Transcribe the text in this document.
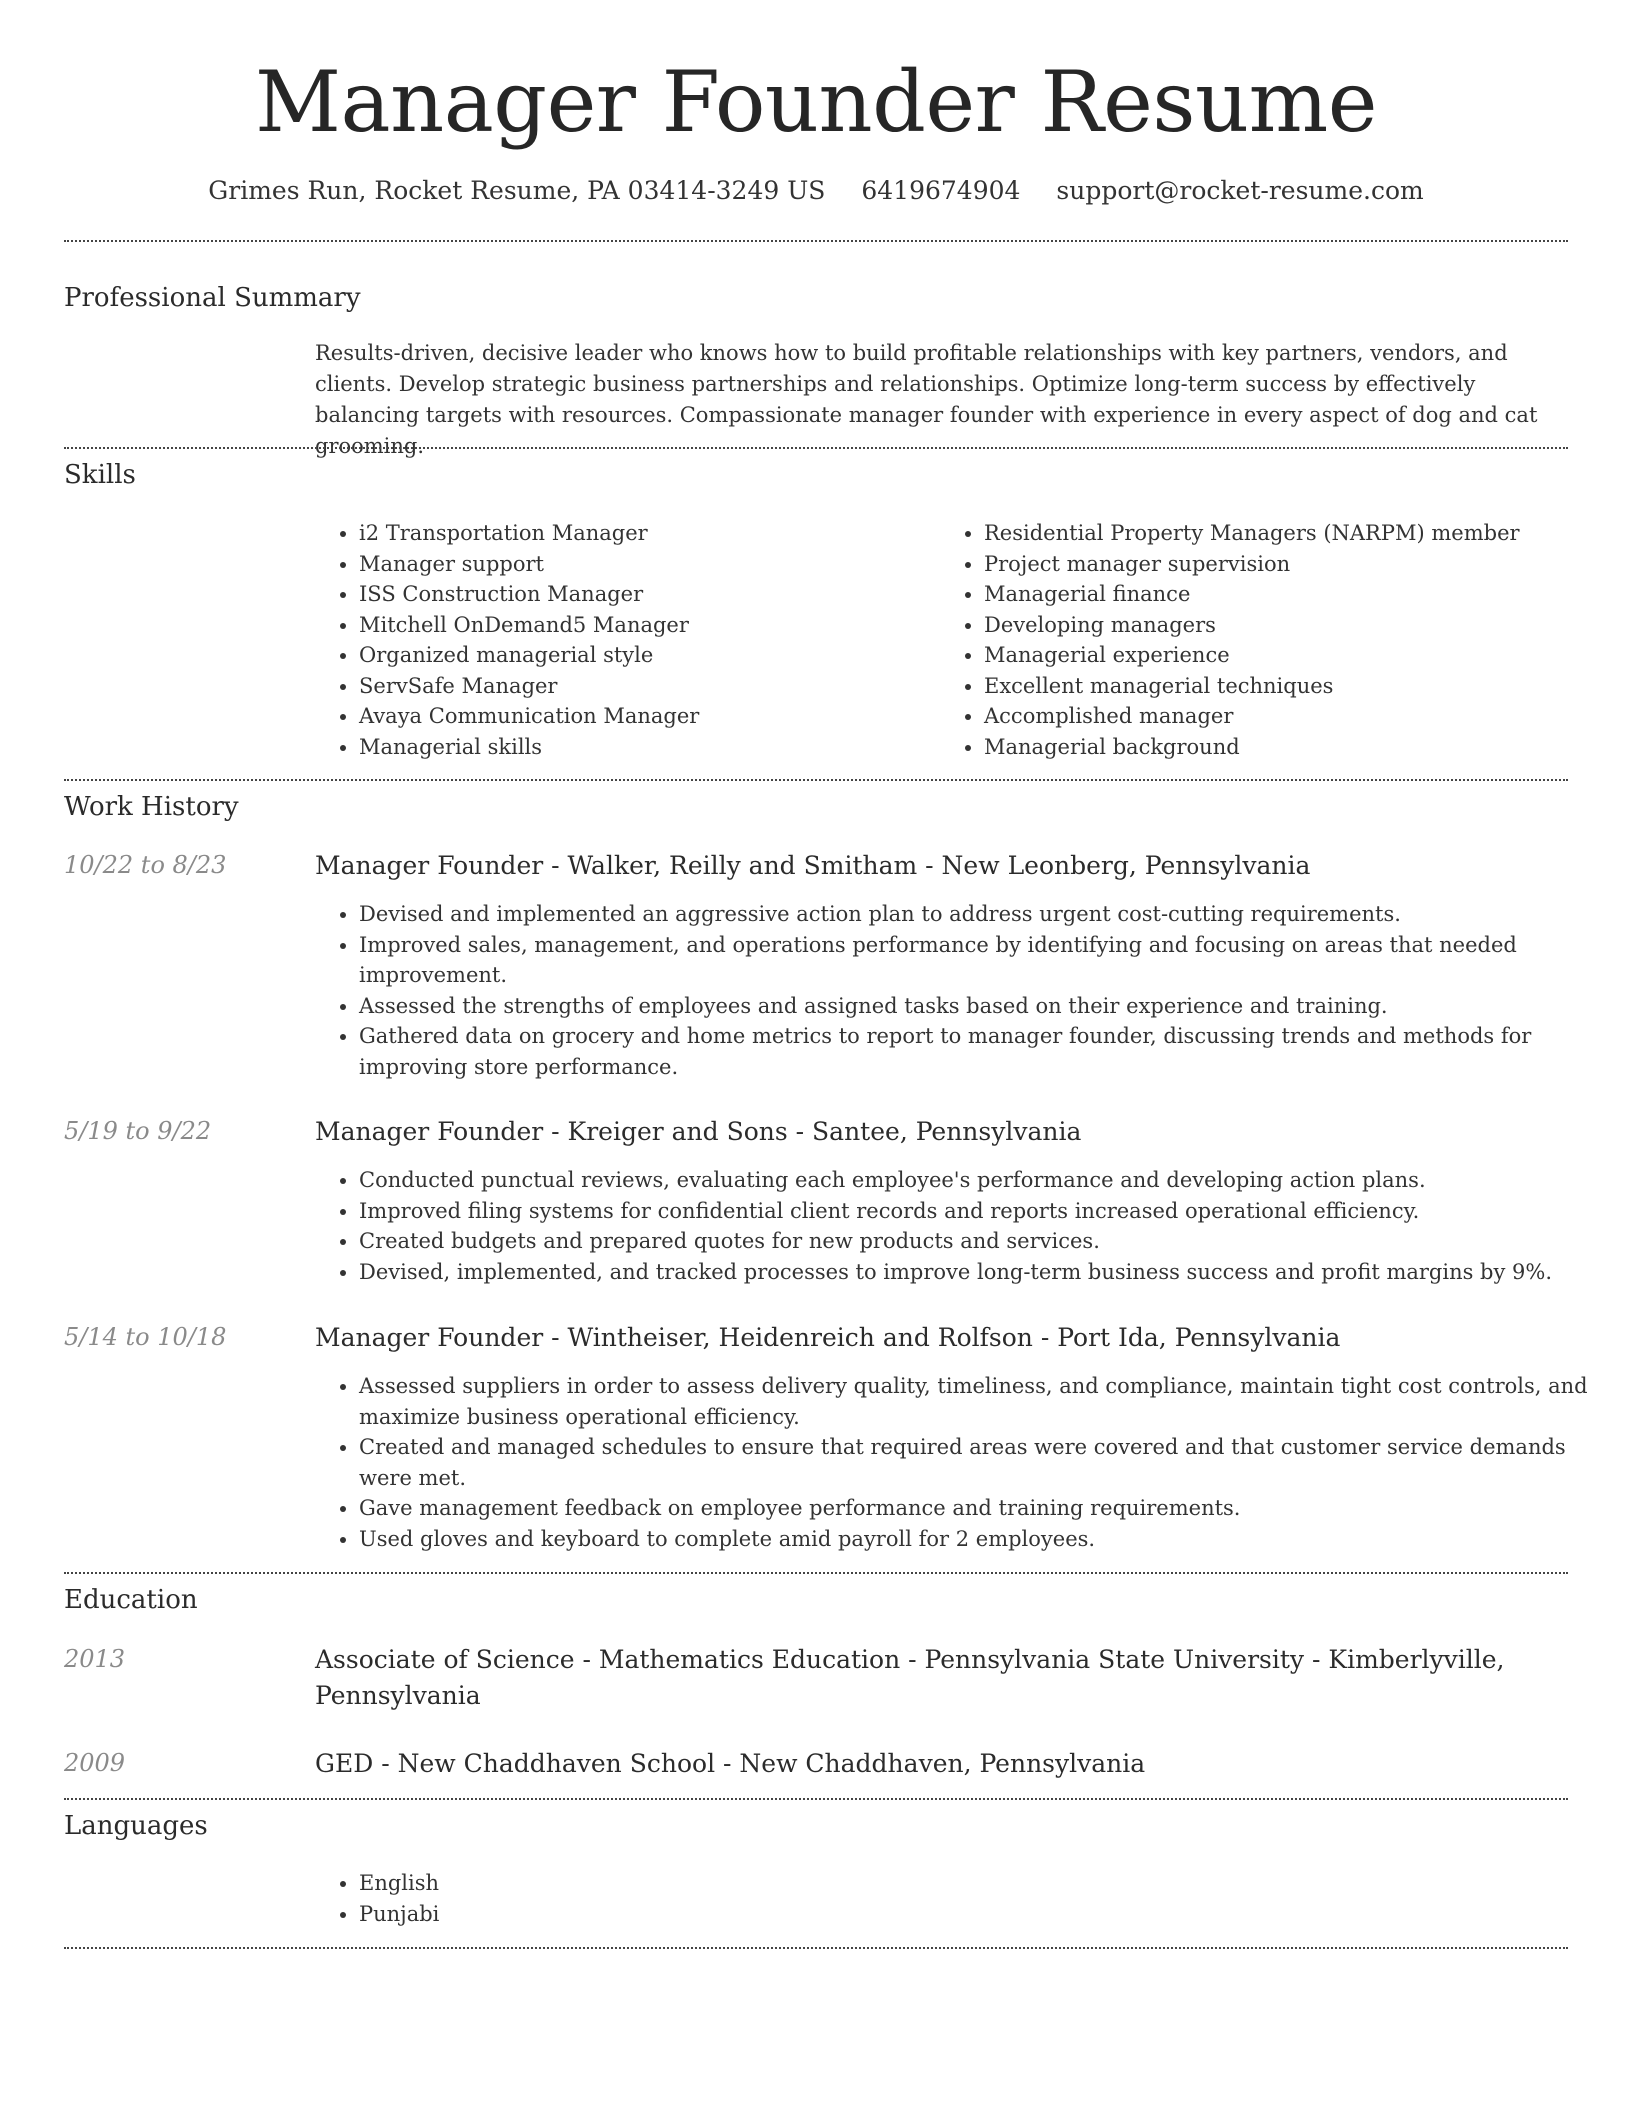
Manager Founder Resume
Grimes Run, Rocket Resume, PA 03414-3249 US 6419674904 support@rocket-resume.com
Professional Summary
Results-driven, decisive leader who knows how to build profitable relationships with key partners, vendors, and clients. Develop strategic business partnerships and relationships. Optimize long-term success by effectively balancing targets with resources. Compassionate manager founder with experience in every aspect of dog and cat grooming.
Skills
• i2 Transportation Manager
• Manager support
• ISS Construction Manager
• Mitchell OnDemand5 Manager
• Organized managerial style
• ServSafe Manager
• Avaya Communication Manager
• Managerial skills
• Residential Property Managers (NARPM) member
• Project manager supervision
• Managerial finance
• Developing managers
• Managerial experience
• Excellent managerial techniques
• Accomplished manager
• Managerial background
Work History
10/22 to 8/23	Manager Founder - Walker, Reilly and Smitham - New Leonberg, Pennsylvania
• Devised and implemented an aggressive action plan to address urgent cost-cutting requirements.
• Improved sales, management, and operations performance by identifying and focusing on areas that needed improvement.
• Assessed the strengths of employees and assigned tasks based on their experience and training.
• Gathered data on grocery and home metrics to report to manager founder, discussing trends and methods for improving store performance.
5/19 to 9/22	Manager Founder - Kreiger and Sons - Santee, Pennsylvania
• Conducted punctual reviews, evaluating each employee's performance and developing action plans.
• Improved filing systems for confidential client records and reports increased operational efficiency.
• Created budgets and prepared quotes for new products and services.
• Devised, implemented, and tracked processes to improve long-term business success and profit margins by 9%.
5/14 to 10/18	Manager Founder - Wintheiser, Heidenreich and Rolfson - Port Ida, Pennsylvania
• Assessed suppliers in order to assess delivery quality, timeliness, and compliance, maintain tight cost controls, and maximize business operational efficiency.
• Created and managed schedules to ensure that required areas were covered and that customer service demands were met.
• Gave management feedback on employee performance and training requirements.
• Used gloves and keyboard to complete amid payroll for 2 employees.
Education
2013	Associate of Science - Mathematics Education - Pennsylvania State University - Kimberlyville, Pennsylvania
2009	GED - New Chaddhaven School - New Chaddhaven, Pennsylvania
Languages
• English
• Punjabi
